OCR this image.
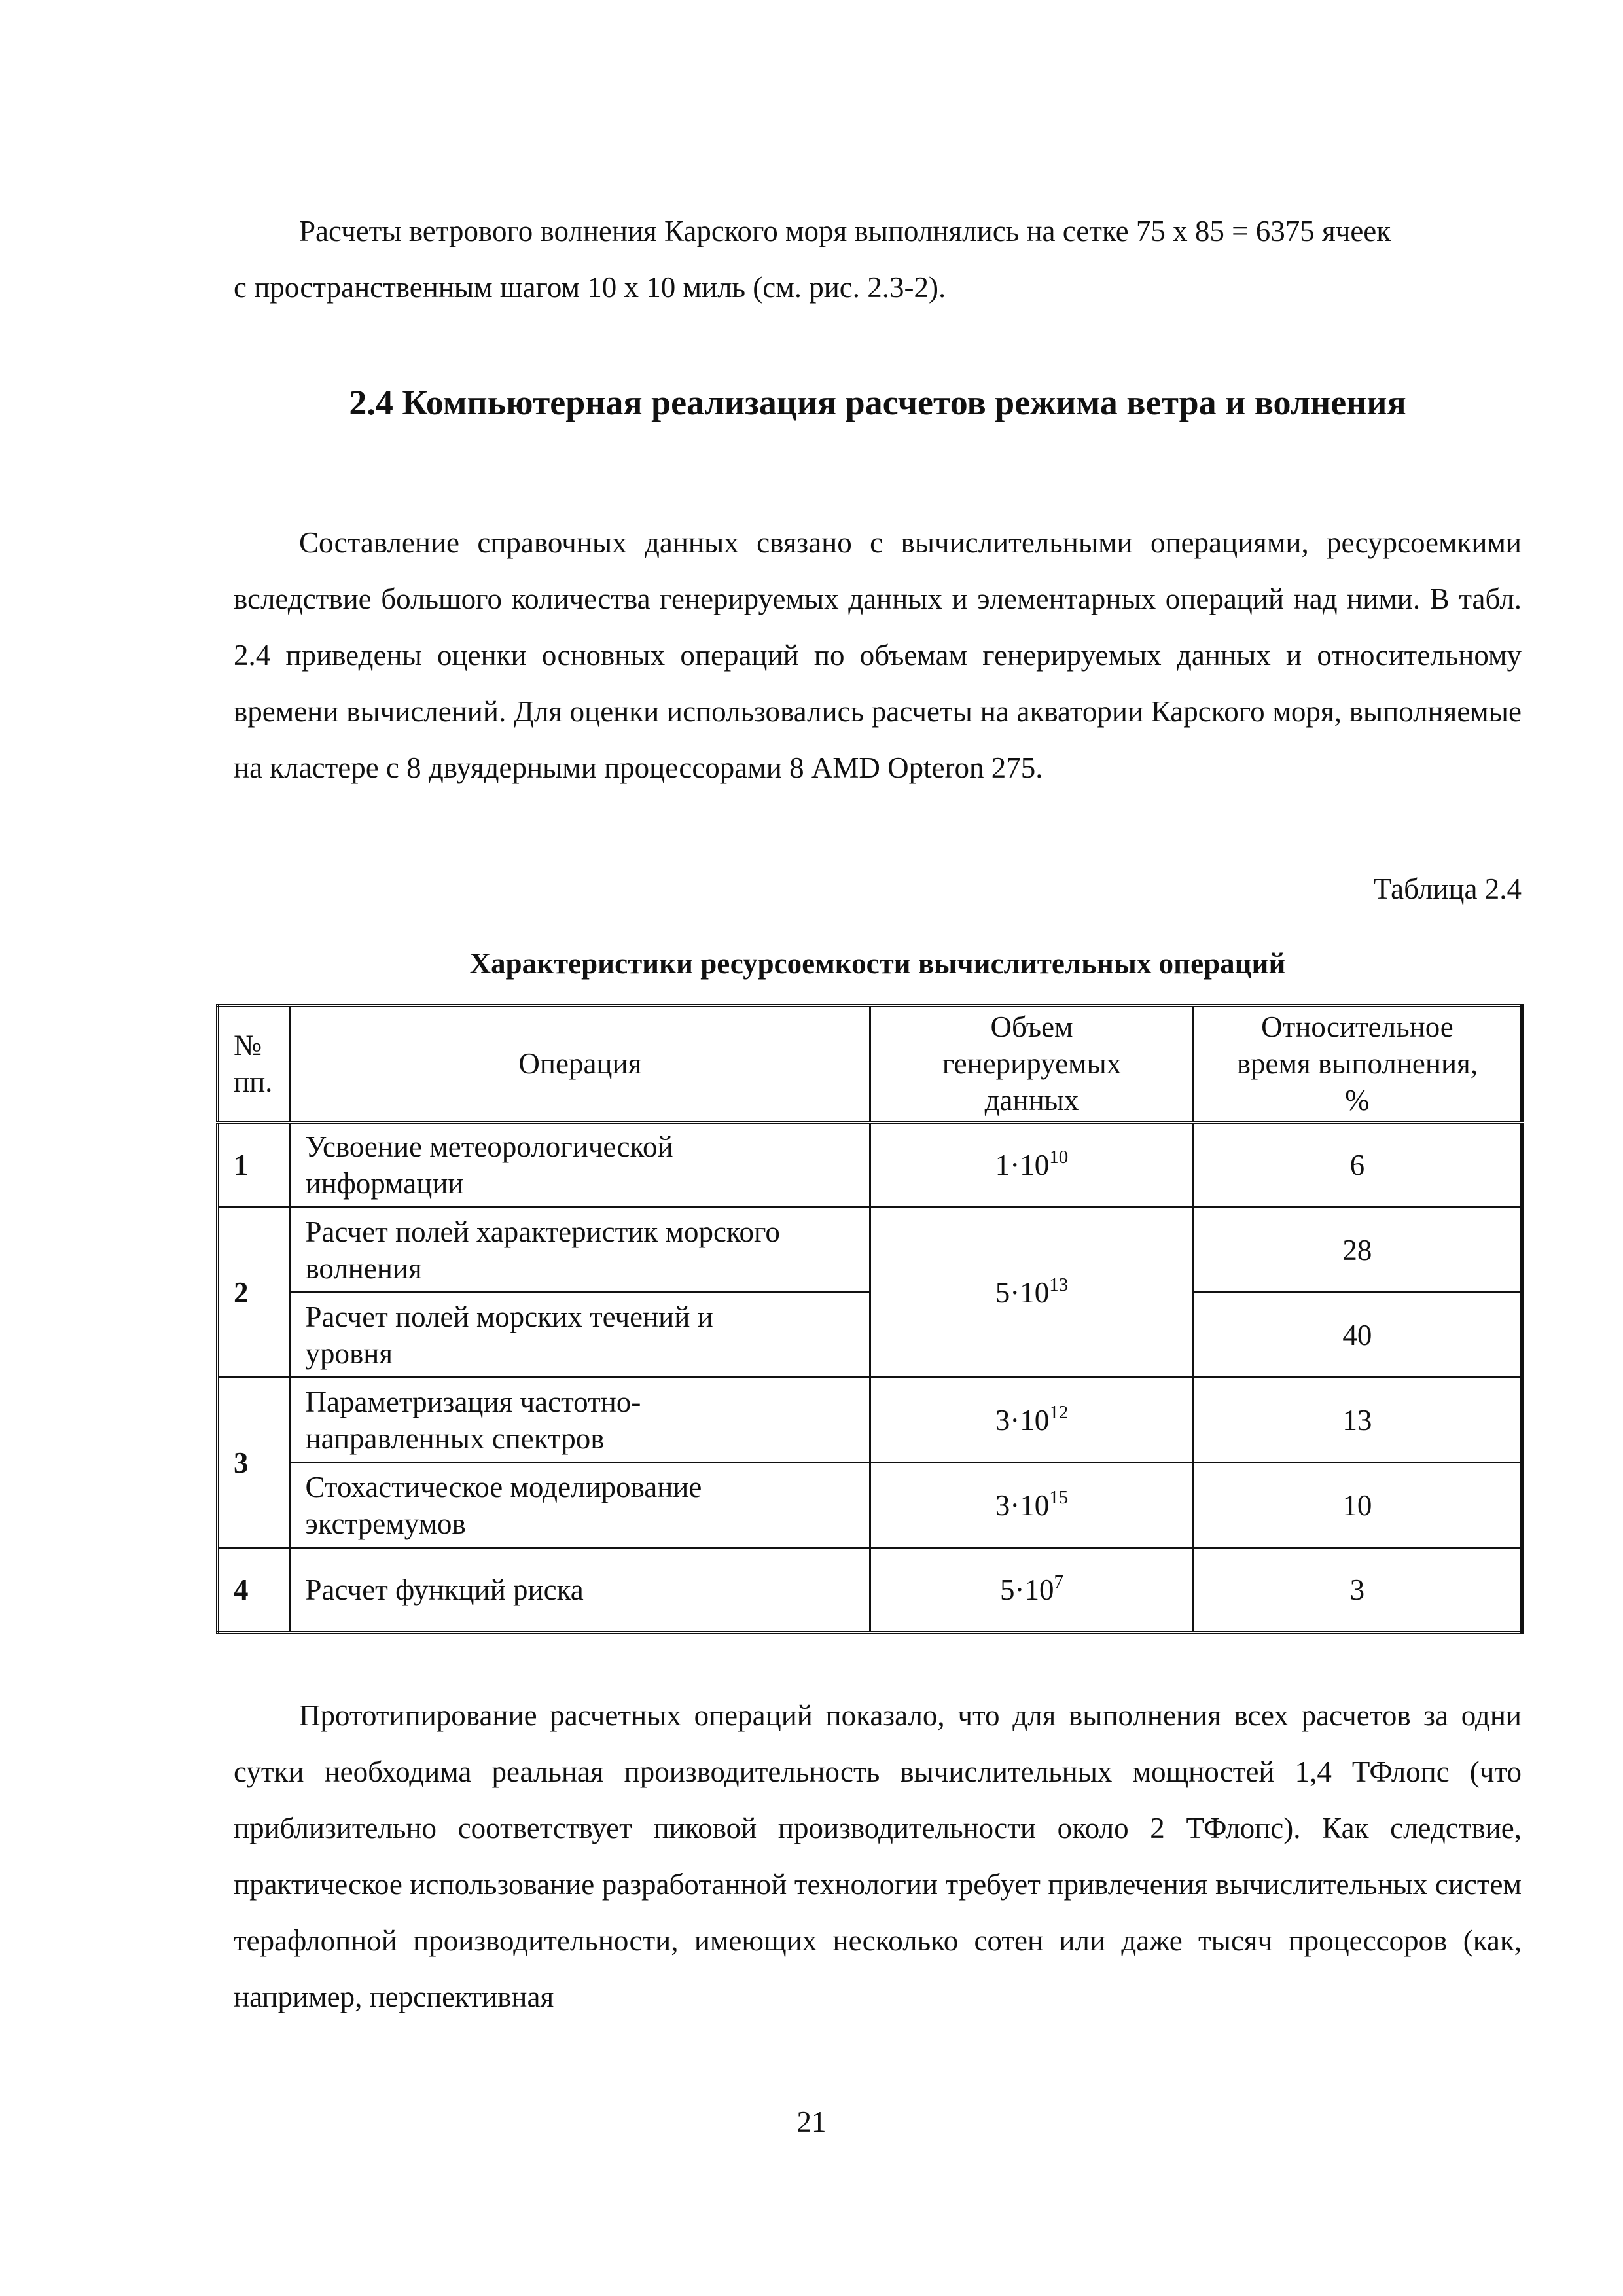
Расчеты ветрового волнения Карского моря выполнялись на сетке 75 х 85 = 6375 ячеек
с пространственным шагом 10 х 10 миль (см. рис. 2.3-2).

2.4 Компьютерная реализация расчетов режима ветра и волнения

Составление справочных данных связано с вычислительными операциями, ресурсоемкими вследствие большого количества генерируемых данных и элементарных операций над ними. В табл. 2.4 приведены оценки основных операций по объемам генерируемых данных и относительному времени вычислений. Для оценки использовались расчеты на акватории Карского моря, выполняемые на кластере с 8 двуядерными процессорами 8 AMD Opteron 275.

Таблица 2.4

Характеристики ресурсоемкости вычислительных операций

№
пп.	Операция	Объем
генерируемых
данных	Относительное
время выполнения,
%
1	Усвоение метеорологической
информации	$1\cdot 10^{10}$	6
2	Расчет полей характеристик морского
волнения	$5\cdot 10^{13}$	28
	Расчет полей морских течений и
уровня		40
3	Параметризация частотно-
направленных спектров	$3\cdot 10^{12}$	13
	Стохастическое моделирование
экстремумов	$3\cdot 10^{15}$	10
4	Расчет функций риска	$5\cdot 10^7$	3

Прототипирование расчетных операций показало, что для выполнения всех расчетов за одни сутки необходима реальная производительность вычислительных мощностей 1,4 ТФлопс (что приблизительно соответствует пиковой производительности около 2 ТФлопс). Как следствие, практическое использование разработанной технологии требует привлечения вычислительных систем терафлопной производительности, имеющих несколько сотен или даже тысяч процессоров (как, например, перспективная

21
